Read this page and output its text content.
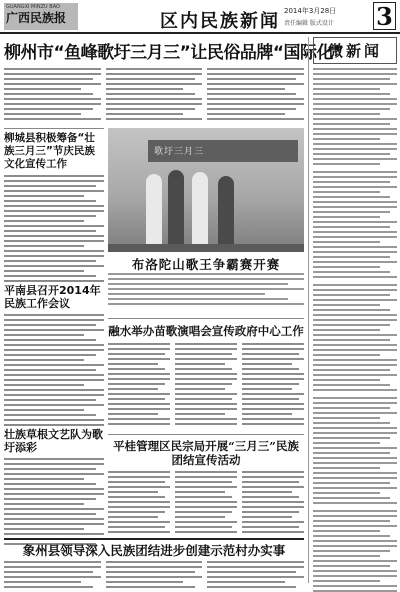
GUANGXI MINZU BAO
广西民族报	区内民族新闻 2014年3月28日
责任编辑 版式设计 3
柳州市“鱼峰歌圩三月三”让民俗品牌“国际化”
柳城县积极筹备“壮族三月三”节庆民族文化宣传工作
平南县召开2014年民族工作会议
壮族草根文艺队为歌圩添彩
歌圩三月三
布洛陀山歌王争霸赛开赛
融水举办苗歌演唱会宣传政府中心工作
平桂管理区民宗局开展“三月三”民族团结宣传活动
微新闻
象州县领导深入民族团结进步创建示范村办实事
